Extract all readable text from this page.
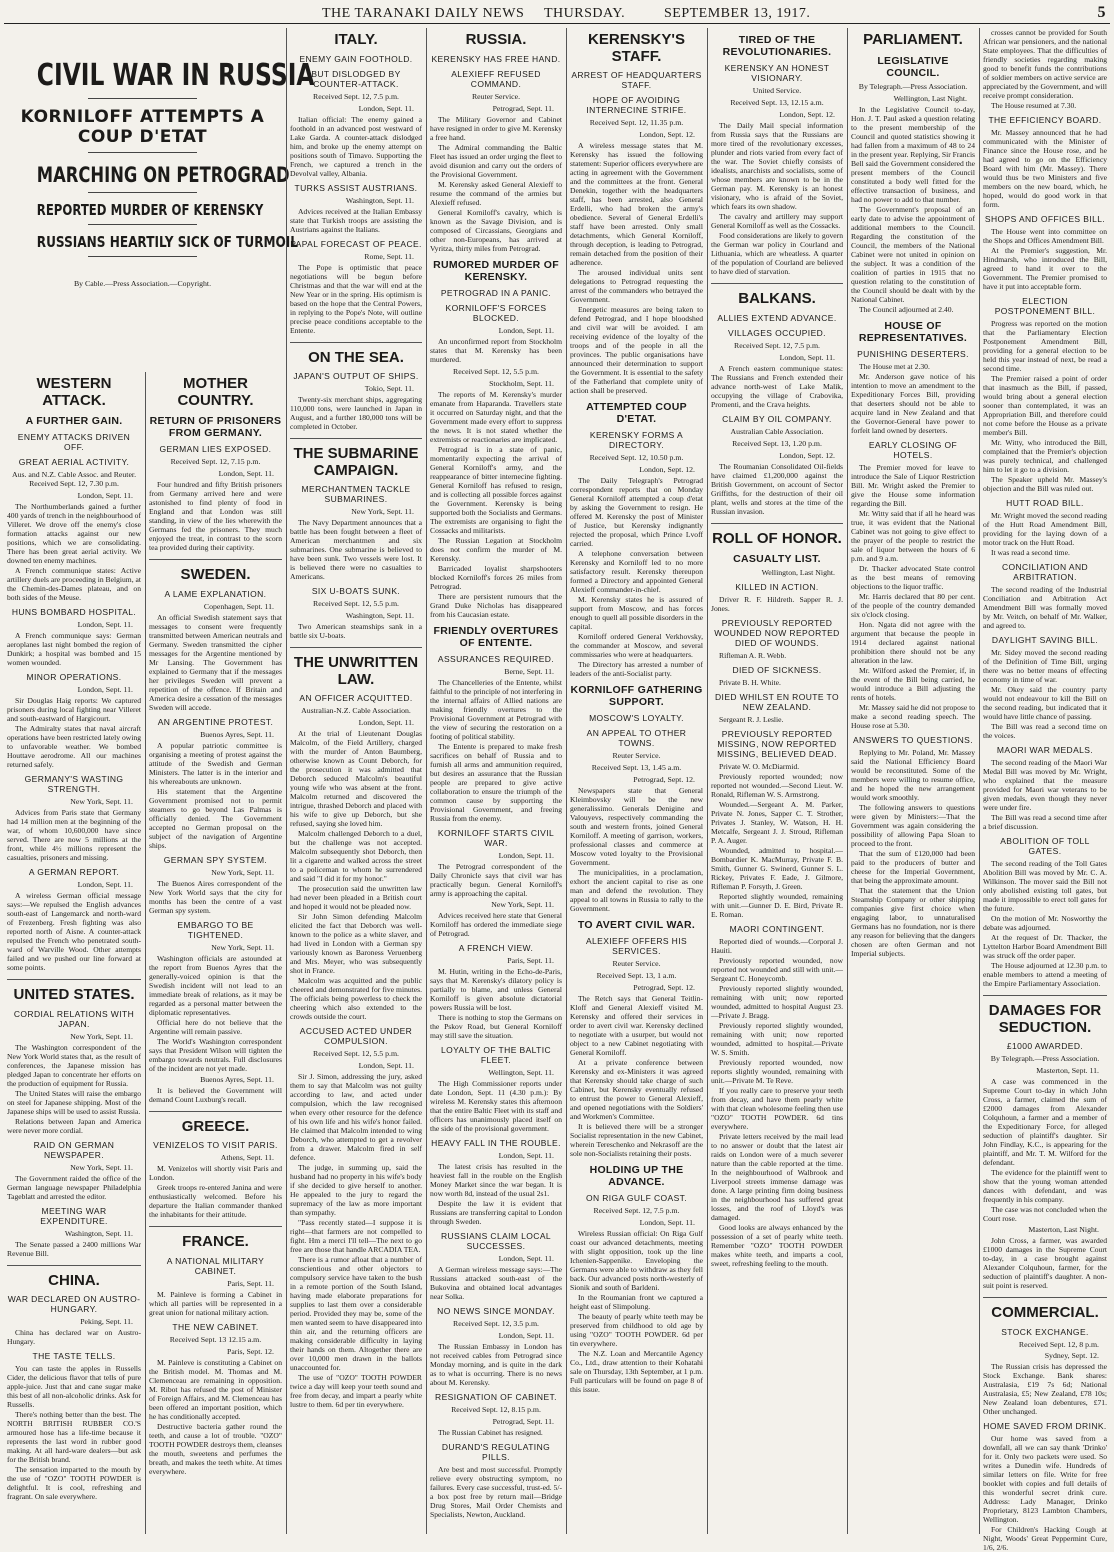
THE TARANAKI DAILY NEWS THURSDAY.	SEPTEMBER 13, 1917.	5
CIVIL WAR IN RUSSIA
KORNILOFF ATTEMPTS A COUP D'ETAT
MARCHING ON PETROGRAD
REPORTED MURDER OF KERENSKY
RUSSIANS HEARTILY SICK OF TURMOIL
By Cable.—Press Association.—Copyright.
WESTERN ATTACK.
A FURTHER GAIN.
ENEMY ATTACKS DRIVEN OFF.
GREAT AERIAL ACTIVITY.
Aus. and N.Z. Cable Assoc. and Reuter. Received Sept. 12, 7.30 p.m.
London, Sept. 11.
The Northumberlands gained a further 400 yards of trench in the neighbourhood of Villeret. We drove off the enemy's close formation attacks against our new positions, which we are consolidating. There has been great aerial activity. We downed ten enemy machines.
A French communique states: Active artillery duels are proceeding in Belgium, at the Chemin-des-Dames plateau, and on both sides of the Meuse.
HUNS BOMBARD HOSPITAL.
London, Sept. 11.
A French communique says: German aeroplanes last night bombed the region of Dunkirk; a hospital was bombed and 15 women wounded.
MINOR OPERATIONS.
London, Sept. 11.
Sir Douglas Haig reports: We captured prisoners during local fighting near Villeret and south-eastward of Hargicourt.
The Admiralty states that naval aircraft operations have been restricted lately owing to unfavorable weather. We bombed Houttave aerodrome. All our machines returned safely.
GERMANY'S WASTING STRENGTH.
New York, Sept. 11.
Advices from Paris state that Germany had 14 million men at the beginning of the war, of whom 10,600,000 have since served. There are now 5 millions at the front, while 4½ millions represent the casualties, prisoners and missing.
A GERMAN REPORT.
London, Sept. 11.
A wireless German official message says:—We repulsed the English advances south-east of Langemarck and north-ward of Frezenberg. Fresh fighting was also reported north of Aisne. A counter-attack repulsed the French who penetrated south-ward of Warville Wood. Other attempts failed and we pushed our line forward at some points.
UNITED STATES.
CORDIAL RELATIONS WITH JAPAN.
New York, Sept. 11.
The Washington correspondent of the New York World states that, as the result of conferences, the Japanese mission has pledged Japan to concentrate her efforts on the production of equipment for Russia.
The United States will raise the embargo on steel for Japanese shipping. Most of the Japanese ships will be used to assist Russia.
Relations between Japan and America were never more cordial.
RAID ON GERMAN NEWSPAPER.
New York, Sept. 11.
The Government raided the office of the German language newspaper Philadelphia Tageblatt and arrested the editor.
MEETING WAR EXPENDITURE.
Washington, Sept. 11.
The Senate passed a 2400 millions War Revenue Bill.
CHINA.
WAR DECLARED ON AUSTRO-HUNGARY.
Peking, Sept. 11.
China has declared war on Austro-Hungary.
THE TASTE TELLS.
You can taste the apples in Russells Cider, the delicious flavor that tells of pure apple-juice. Just that and cane sugar make this best of all non-alcoholic drinks. Ask for Russells.
There's nothing better than the best. The NORTH BRITISH RUBBER CO.'S armoured hose has a life-time because it represents the last word in rubber good making. At all hard-ware dealers—but ask for the British brand.
The sensation imparted to the mouth by the use of "OZO" TOOTH POWDER is delightful. It is cool, refreshing and fragrant. On sale everywhere.
MOTHER COUNTRY.
RETURN OF PRISONERS FROM GERMANY.
GERMAN LIES EXPOSED.
Received Sept. 12, 7.15 p.m.
London, Sept. 11.
Four hundred and fifty British prisoners from Germany arrived here and were astonished to find plenty of food in England and that London was still standing, in view of the lies wherewith the Germans fed the prisoners. They much enjoyed the treat, in contrast to the scorn tea provided during their captivity.
SWEDEN.
A LAME EXPLANATION.
Copenhagen, Sept. 11.
An official Swedish statement says that messages to consent were frequently transmitted between American neutrals and Germany. Sweden transmitted the cipher messages for the Argentine mentioned by Mr Lansing. The Government has explained to Germany that if the messages her privileges Sweden will prevent a repetition of the offence. If Britain and America desire a cessation of the messages Sweden will accede.
AN ARGENTINE PROTEST.
Buenos Ayres, Sept. 11.
A popular patriotic committee is organising a meeting of protest against the attitude of the Swedish and German Ministers. The latter is in the interior and his whereabouts are unknown.
His statement that the Argentine Government promised not to permit steamers to go beyond Las Palmas is officially denied. The Government accepted no German proposal on the subject of the navigation of Argentine ships.
GERMAN SPY SYSTEM.
New York, Sept. 11.
The Buenos Aires correspondent of the New York World says that the city for months has been the centre of a vast German spy system.
EMBARGO TO BE TIGHTENED.
New York, Sept. 11.
Washington officials are astounded at the report from Buenos Ayres that the generally-voiced opinion is that the Swedish incident will not lead to an immediate break of relations, as it may be regarded as a personal matter between the diplomatic representatives.
Official here do not believe that the Argentine will remain passive.
The World's Washington correspondent says that President Wilson will tighten the embargo towards neutrals. Full disclosures of the incident are not yet made.
Buenos Ayres, Sept. 11.
It is believed the Government will demand Count Luxburg's recall.
GREECE.
VENIZELOS TO VISIT PARIS.
Athens, Sept. 11.
M. Venizelos will shortly visit Paris and London.
Greek troops re-entered Janina and were enthusiastically welcomed. Before his departure the Italian commander thanked the inhabitants for their attitude.
FRANCE.
A NATIONAL MILITARY CABINET.
Paris, Sept. 11.
M. Painleve is forming a Cabinet in which all parties will be represented in a great union for national military action.
THE NEW CABINET.
Received Sept. 13 12.15 a.m.
Paris, Sept. 12.
M. Painleve is constituting a Cabinet on the British model. M. Thomas and M. Clemenceau are remaining in opposition. M. Ribot has refused the post of Minister of Foreign Affairs, and M. Clemenceau has been offered an important position, which he has conditionally accepted.
Destructive bacteria gather round the teeth, and cause a lot of trouble. "OZO" TOOTH POWDER destroys them, cleanses the mouth, sweetens and perfumes the breath, and makes the teeth white. At times everywhere.
ITALY.
ENEMY GAIN FOOTHOLD.
BUT DISLODGED BY COUNTER-ATTACK.
Received Sept. 12, 7.5 p.m.
London, Sept. 11.
Italian official: The enemy gained a foothold in an advanced post westward of Lake Garda. A counter-attack dislodged him, and broke up the enemy attempt on positions south of Timavo. Supporting the French, we captured a trench in the Devolval valley, Albania.
TURKS ASSIST AUSTRIANS.
Washington, Sept. 11.
Advices received at the Italian Embassy state that Turkish troops are assisting the Austrians against the Italians.
PAPAL FORECAST OF PEACE.
Rome, Sept. 11.
The Pope is optimistic that peace negotiations will be begun before Christmas and that the war will end at the New Year or in the spring. His optimism is based on the hope that the Central Powers, in replying to the Pope's Note, will outline precise peace conditions acceptable to the Entente.
ON THE SEA.
JAPAN'S OUTPUT OF SHIPS.
Tokio, Sept. 11.
Twenty-six merchant ships, aggregating 110,000 tons, were launched in Japan in August, and a further 180,000 tons will be completed in October.
THE SUBMARINE CAMPAIGN.
MERCHANTMEN TACKLE SUBMARINES.
New York, Sept. 11.
The Navy Department announces that a battle has been fought between a fleet of American merchantmen and six submarines. One submarine is believed to have been sunk. Two vessels were lost. It is believed there were no casualties to Americans.
SIX U-BOATS SUNK.
Received Sept. 12, 5.5 p.m.
Washington, Sept. 11.
Two American steamships sank in a battle six U-boats.
THE UNWRITTEN LAW.
AN OFFICER ACQUITTED.
Australian-N.Z. Cable Association.
London, Sept. 11.
At the trial of Lieutenant Douglas Malcolm, of the Field Artillery, charged with the murder of Anton Baumberg, otherwise known as Count Deborch, for the prosecution it was admitted that Deborch seduced Malcolm's beautiful young wife who was absent at the front. Malcolm returned and discovered the intrigue, thrashed Deborch and placed with his wife to give up Deborch, but she refused, saying she loved him.
Malcolm challenged Deborch to a duel, but the challenge was not accepted. Malcolm subsequently shot Deborch, then lit a cigarette and walked across the street to a policeman to whom he surrendered and said "I did it for my honor."
The prosecution said the unwritten law had never been pleaded in a British court and hoped it would not be pleaded now.
Sir John Simon defending Malcolm elicited the fact that Deborch was well-known to the police as a white slaver, and had lived in London with a German spy variously known as Baroness Veruenberg and Mrs. Meyer, who was subsequently shot in France.
Malcolm was acquitted and the public cheered and demonstrated for five minutes. The officials being powerless to check the cheering which also extended to the crowds outside the court.
ACCUSED ACTED UNDER COMPULSION.
Received Sept. 12, 5.5 p.m.
London, Sept. 11.
Sir J. Simon, addressing the jury, asked them to say that Malcolm was not guilty according to law, and acted under compulsion, which the law recognised when every other resource for the defence of his own life and his wife's honor failed. He claimed that Malcolm intended to wing Deborch, who attempted to get a revolver from a drawer. Malcolm fired in self defence.
The judge, in summing up, said the husband had no property in his wife's body if she decided to give herself to another. He appealed to the jury to regard the supremacy of the law as more important than sympathy.
"Pass recently stated—I suppose it is right—that farmers are not compelled to fight. Hm a merci I'll tell—The next to go free are those that handle ARCADIA TEA.
There is a rumor afloat that a number of conscientious and other objectors to compulsory service have taken to the bush in a remote portion of the South Island, having made elaborate preparations for supplies to last them over a considerable period. Provided they may be, some of the men wanted seem to have disappeared into thin air, and the returning officers are making considerable difficulty in laying their hands on them. Altogether there are over 10,000 men drawn in the ballots unaccounted for.
The use of "OZO" TOOTH POWDER twice a day will keep your teeth sound and free from decay, and impart a pearly white lustre to them. 6d per tin everywhere.
RUSSIA.
KERENSKY HAS FREE HAND.
ALEXIEFF REFUSED COMMAND.
Reuter Service.
Petrograd, Sept. 11.
The Military Governor and Cabinet have resigned in order to give M. Kerensky a free hand.
The Admiral commanding the Baltic Fleet has issued an order urging the fleet to avoid disunion and carry out the orders of the Provisional Government.
M. Kerensky asked General Alexieff to resume the command of the armies but Alexieff refused.
General Korniloff's cavalry, which is known as the Savage Division, and is composed of Circassians, Georgians and other non-Europeans, has arrived at Vyritza, thirty miles from Petrograd.
RUMORED MURDER OF KERENSKY.
PETROGRAD IN A PANIC.
KORNILOFF'S FORCES BLOCKED.
London, Sept. 11.
An unconfirmed report from Stockholm states that M. Kerensky has been murdered.
Received Sept. 12, 5.5 p.m.
Stockholm, Sept. 11.
The reports of M. Kerensky's murder emanate from Haparanda. Travellers state it occurred on Saturday night, and that the Government made every effort to suppress the news. It is not stated whether the extremists or reactionaries are implicated.
Petrograd is in a state of panic, momentarily expecting the arrival of General Korniloff's army, and the reappearance of bitter internecine fighting. General Korniloff has refused to resign, and is collecting all possible forces against the Government. Kerensky is being supported both the Socialists and Germans. The extremists are organising to fight the Cossacks and militarists.
The Russian Legation at Stockholm does not confirm the murder of M. Kerensky.
Barricaded loyalist sharpshooters blocked Korniloff's forces 26 miles from Petrograd.
There are persistent rumours that the Grand Duke Nicholas has disappeared from his Caucasian estate.
FRIENDLY OVERTURES OF ENTENTE.
ASSURANCES REQUIRED.
Berne, Sept. 11.
The Chancelleries of the Entente, whilst faithful to the principle of not interfering in the internal affairs of Allied nations are making friendly overtures to the Provisional Government at Petrograd with the view of securing the restoration on a footing of political stability.
The Entente is prepared to make fresh sacrifices on behalf of Russia and to furnish all arms and ammunition required, but desires an assurance that the Russian people are prepared to give active collaboration to ensure the triumph of the common cause by supporting the Provisional Government, and freeing Russia from the enemy.
KORNILOFF STARTS CIVIL WAR.
London, Sept. 11.
The Petrograd correspondent of the Daily Chronicle says that civil war has practically begun. General Korniloff's army is approaching the capital.
New York, Sept. 11.
Advices received here state that General Korniloff has ordered the immediate siege of Petrograd.
A FRENCH VIEW.
Paris, Sept. 11.
M. Hutin, writing in the Echo-de-Paris, says that M. Kerensky's dilatory policy is partially to blame, and unless General Korniloff is given absolute dictatorial powers Russia will be lost.
There is nothing to stop the Germans on the Pskov Road, but General Korniloff may still save the situation.
LOYALTY OF THE BALTIC FLEET.
Wellington, Sept. 11.
The High Commissioner reports under date London, Sept. 11 (4.30 p.m.): By wireless M. Kerensky states this afternoon that the entire Baltic Fleet with its staff and officers has unanimously placed itself on the side of the provisional government.
HEAVY FALL IN THE ROUBLE.
London, Sept. 11.
The latest crisis has resulted in the heaviest fall in the rouble on the English Money Market since the war began. It is now worth 8d, instead of the usual 2s1.
Despite the law it is evident that Russians are transferring capital to London through Sweden.
RUSSIANS CLAIM LOCAL SUCCESSES.
London, Sept. 11.
A German wireless message says:—The Russians attacked south-east of the Bukovina and obtained local advantages near Solka.
NO NEWS SINCE MONDAY.
Received Sept. 12, 3.5 p.m.
London, Sept. 11.
The Russian Embassy in London has not received cables from Petrograd since Monday morning, and is quite in the dark as to what is occurring. There is no news about M. Kerensky.
RESIGNATION OF CABINET.
Received Sept. 12, 8.15 p.m.
Petrograd, Sept. 11.
The Russian Cabinet has resigned.
DURAND'S REGULATING PILLS.
Are best and most successful. Promptly relieve every obstructing symptom, no failures. Every case successful, trust-ed. 5/- a box post free by return mail—Bridge Drug Stores, Mail Order Chemists and Specialists, Newton, Auckland.
KERENSKY'S STAFF.
ARREST OF HEADQUARTERS STAFF.
HOPE OF AVOIDING INTERNECINE STRIFE.
Received Sept. 12, 11.35 p.m.
London, Sept. 12.
A wireless message states that M. Kerensky has issued the following statement: Superior officers everywhere are acting in agreement with the Government and the committees at the front. General Denekin, together with the headquarters staff, has been arrested, also General Erdelli, who had broken the army's obedience. Several of General Erdelli's staff have been arrested. Only small detachments, which General Korniloff, through deception, is leading to Petrograd, remain detached from the position of their adherence.
The aroused individual units sent delegations to Petrograd requesting the arrest of the commanders who betrayed the Government.
Energetic measures are being taken to defend Petrograd, and I hope bloodshed and civil war will be avoided. I am receiving evidence of the loyalty of the troops and of the people in all the provinces. The public organisations have announced their determination to support the Government. It is essential to the safety of the Fatherland that complete unity of action shall be preserved.
ATTEMPTED COUP D'ETAT.
KERENSKY FORMS A DIRECTORY.
Received Sept. 12, 10.50 p.m.
London, Sept. 12.
The Daily Telegraph's Petrograd correspondent reports that on Monday General Korniloff attempted a coup d'etat by asking the Government to resign. He offered M. Kerensky the post of Minister of Justice, but Kerensky indignantly rejected the proposal, which Prince Lvoff carried.
A telephone conversation between Kerensky and Korniloff led to no more satisfactory result. Kerensky thereupon formed a Directory and appointed General Alexieff commander-in-chief.
M. Kerensky states he is assured of support from Moscow, and has forces enough to quell all possible disorders in the capital.
Korniloff ordered General Verkhovsky, the commander at Moscow, and several commissaries who were at headquarters.
The Directory has arrested a number of leaders of the anti-Socialist party.
KORNILOFF GATHERING SUPPORT.
MOSCOW'S LOYALTY.
AN APPEAL TO OTHER TOWNS.
Reuter Service.
Received Sept. 13, 1.45 a.m.
Petrograd, Sept. 12.
Newspapers state that General Kleimbovsky will be the new generalissimo. Generals Denigine and Valouyevs, respectively commanding the south and western fronts, joined General Korniloff. A meeting of garrison, workers, professional classes and commerce at Moscow voted loyalty to the Provisional Government.
The municipalities, in a proclamation, exhort the ancient capital to rise as one man and defend the revolution. They appeal to all towns in Russia to rally to the Government.
TO AVERT CIVIL WAR.
ALEXIEFF OFFERS HIS SERVICES.
Reuter Service.
Received Sept. 13, 1 a.m.
Petrograd, Sept. 12.
The Retch says that General Teitlin-Kloff and General Alexieff visited M. Kerensky and offered their services in order to avert civil war. Kerensky declined to negotiate with a usurper, but would not object to a new Cabinet negotiating with General Korniloff.
At a private conference between Kerensky and ex-Ministers it was agreed that Kerensky should take charge of such Cabinet, but Kerensky eventually refused to entrust the power to General Alexieff, and opened negotiations with the Soldiers' and Workmen's Committee.
It is believed there will be a stronger Socialist representation in the new Cabinet, wherein Tereschenko and Nekrasoff are the sole non-Socialists retaining their posts.
HOLDING UP THE ADVANCE.
ON RIGA GULF COAST.
Received Sept. 12, 7.5 p.m.
London, Sept. 11.
Wireless Russian official: On Riga Gulf coast our advanced detachments, meeting with slight opposition, took up the line Ichenien-Sappenike. Enveloping the Germans were able to withdraw as they fell back. Our advanced posts north-westerly of Sionik and south of Barldeni.
In the Roumanian front we captured a height east of Slimpolung.
The beauty of pearly white teeth may be preserved from childhood to old age by using "OZO" TOOTH POWDER. 6d per tin everywhere.
The N.Z. Loan and Mercantile Agency Co., Ltd., draw attention to their Kohatahi sale on Thursday, 13th September, at 1 p.m. Full particulars will be found on page 8 of this issue.
TIRED OF THE REVOLUTIONARIES.
KERENSKY AN HONEST VISIONARY.
United Service.
Received Sept. 13, 12.15 a.m.
London, Sept. 12.
The Daily Mail special information from Russia says that the Russians are more tired of the revolutionary excesses, plunder and riots varied from every fact of the war. The Soviet chiefly consists of idealists, anarchists and socialists, some of whose members are known to be in the German pay. M. Kerensky is an honest visionary, who is afraid of the Soviet, which fears its own shadow.
The cavalry and artillery may support General Korniloff as well as the Cossacks.
Food considerations are likely to govern the German war policy in Courland and Lithuania, which are wheatless. A quarter of the population of Courland are believed to have died of starvation.
BALKANS.
ALLIES EXTEND ADVANCE.
VILLAGES OCCUPIED.
Received Sept. 12, 7.5 p.m.
London, Sept. 11.
A French eastern communique states: The Russians and French extended their advance north-west of Lake Malik, occupying the village of Crabovika, Promenti, and the Crava heights.
CLAIM BY OIL COMPANY.
Australian Cable Association.
Received Sept. 13, 1.20 p.m.
London, Sept. 12.
The Roumanian Consolidated Oil-fields have claimed £1,200,000 against the British Government, on account of Sector Griffiths, for the destruction of their oil plant, wells and stores at the time of the Russian invasion.
ROLL OF HONOR.
CASUALTY LIST.
Wellington, Last Night.
KILLED IN ACTION.
Driver R. F. Hildreth. Sapper R. J. Jones.
PREVIOUSLY REPORTED WOUNDED NOW REPORTED DIED OF WOUNDS.
Rifleman A. R. Webb.
DIED OF SICKNESS.
Private B. H. White.
DIED WHILST EN ROUTE TO NEW ZEALAND.
Sergeant R. J. Leslie.
PREVIOUSLY REPORTED MISSING, NOW REPORTED MISSING, BELIEVED DEAD.
Private W. O. McDiarmid.
Previously reported wounded; now reported not wounded.—Second Lieut. W. Ronald, Rifleman W. S. Armstrong.
Wounded.—Sergeant A. M. Parker, Private N. Jones, Sapper C. T. Strother, Privates J. Stanley, W. Watson, H. H. Metcalfe, Sergeant J. J. Stroud, Rifleman P. A. Auger.
Wounded, admitted to hospital.—Bombardier K. MacMurray, Private F. B. Smith, Gunner G. Swinerd, Gunner S. L. Rickey, Privates F. Eade, J. Gilmore, Rifleman P. Forsyth, J. Green.
Reported slightly wounded, remaining with unit.—Gunner D. E. Bird, Private R. E. Roman.
MAORI CONTINGENT.
Reported died of wounds.—Corporal J. Hauiti.
Previously reported wounded, now reported not wounded and still with unit.—Sergeant C. Honeycomb.
Previously reported slightly wounded, remaining with unit; now reported wounded, admitted to hospital August 23.—Private J. Bragg.
Previously reported slightly wounded, remaining with unit; now reported wounded, admitted to hospital.—Private W. S. Smith.
Previously reported wounded, now reports slightly wounded, remaining with unit.—Private M. Te Reve.
If you really care to preserve your teeth from decay, and have them pearly white with that clean wholesome feeling then use "OZO" TOOTH POWDER. 6d tins everywhere.
Private letters received by the mail lead to no answer or doubt that the latest air raids on London were of a much severer nature than the cable reported at the time. In the neighbourhood of Walbrook and Liverpool streets immense damage was done. A large printing firm doing business in the neighbourhood has suffered great losses, and the roof of Lloyd's was damaged.
Good looks are always enhanced by the possession of a set of pearly white teeth. Remember "OZO" TOOTH POWDER makes white teeth, and imparts a cool, sweet, refreshing feeling to the mouth.
PARLIAMENT.
LEGISLATIVE COUNCIL.
By Telegraph.—Press Association.
Wellington, Last Night.
In the Legislative Council to-day, Hon. J. T. Paul asked a question relating to the present membership of the Council and quoted statistics showing it had fallen from a maximum of 48 to 24 in the present year. Replying, Sir Francis Bell said the Government considered the present members of the Council constituted a body well fitted for the effective transaction of business, and had no power to add to that number.
The Government's proposal of an early date to advise the appointment of additional members to the Council. Regarding the constitution of the Council, the members of the National Cabinet were not united in opinion on the subject. It was a condition of the coalition of parties in 1915 that no question relating to the constitution of the Council should be dealt with by the National Cabinet.
The Council adjourned at 2.40.
HOUSE OF REPRESENTATIVES.
PUNISHING DESERTERS.
The House met at 2.30.
Mr. Anderson gave notice of his intention to move an amendment to the Expeditionary Forces Bill, providing that deserters should not be able to acquire land in New Zealand and that the Governor-General have power to forfeit land owned by deserters.
EARLY CLOSING OF HOTELS.
The Premier moved for leave to introduce the Sale of Liquor Restriction Bill. Mr. Wright asked the Premier to give the House some information regarding the Bill.
Mr. Witty said that if all he heard was true, it was evident that the National Cabinet was not going to give effect to the prayer of the people to restrict the sale of liquor between the hours of 6 p.m. and 9 a.m.
Dr. Thacker advocated State control as the best means of removing objections to the liquor traffic.
Mr. Harris declared that 80 per cent. of the people of the country demanded six o'clock closing.
Hon. Ngata did not agree with the argument that because the people in 1914 declared against national prohibition there should not be any alteration in the law.
Mr. Wilford asked the Premier, if, in the event of the Bill being carried, he would introduce a Bill adjusting the rents of hotels.
Mr. Massey said he did not propose to make a second reading speech. The House rose at 5.30.
ANSWERS TO QUESTIONS.
Replying to Mr. Poland, Mr. Massey said the National Efficiency Board would be reconstituted. Some of the members were willing to resume office, and he hoped the new arrangement would work smoothly.
The following answers to questions were given by Ministers:—That the Government was again considering the possibility of allowing Papa Sloan to proceed to the front.
That the sum of £120,000 had been paid to the producers of butter and cheese for the Imperial Government, that being the approximate amount.
That the statement that the Union Steamship Company or other shipping companies give first choice when engaging labor, to unnaturalised Germans has no foundation, nor is there any reason for believing that the dangers chosen are often German and not Imperial subjects.
crosses cannot be provided for South African war pensioners, and the national State employees. That the difficulties of friendly societies regarding making good to benefit funds the contributions of soldier members on active service are appreciated by the Government, and will receive prompt consideration.
The House resumed at 7.30.
THE EFFICIENCY BOARD.
Mr. Massey announced that he had communicated with the Minister of Finance since the House rose, and he had agreed to go on the Efficiency Board with him (Mr. Massey). There would thus be two Ministers and five members on the new board, which, he hoped, would do good work in that form.
SHOPS AND OFFICES BILL.
The House went into committee on the Shops and Offices Amendment Bill.
At the Premier's suggestion, Mr. Hindmarsh, who introduced the Bill, agreed to hand it over to the Government. The Premier promised to have it put into acceptable form.
ELECTION POSTPONEMENT BILL.
Progress was reported on the motion that the Parliamentary Election Postponement Amendment Bill, providing for a general election to be held this year instead of next, be read a second time.
The Premier raised a point of order that inasmuch as the Bill, if passed, would bring about a general election sooner than contemplated, it was an Appropriation Bill, and therefore could not come before the House as a private member's Bill.
Mr. Witty, who introduced the Bill, complained that the Premier's objection was purely technical, and challenged him to let it go to a division.
The Speaker upheld Mr. Massey's objection and the Bill was ruled out.
HUTT ROAD BILL.
Mr. Wright moved the second reading of the Hutt Road Amendment Bill, providing for the laying down of a motor track on the Hutt Road.
It was read a second time.
CONCILIATION AND ARBITRATION.
The second reading of the Industrial Conciliation and Arbitration Act Amendment Bill was formally moved by Mr. Veitch, on behalf of Mr. Walker, and agreed to.
DAYLIGHT SAVING BILL.
Mr. Sidey moved the second reading of the Definition of Time Bill, urging there was no better means of effecting economy in time of war.
Mr. Okey said the country party would not endeavour to kill the Bill on the second reading, but indicated that it would have little chance of passing.
The Bill was read a second time on the voices.
MAORI WAR MEDALS.
The second reading of the Maori War Medal Bill was moved by Mr. Wright, who explained that the measure provided for Maori war veterans to be given medals, even though they never were under fire.
The Bill was read a second time after a brief discussion.
ABOLITION OF TOLL GATES.
The second reading of the Toll Gates Abolition Bill was moved by Mr. C. A. Wilkinson. The mover said the Bill not only abolished existing toll gates, but made it impossible to erect toll gates for the future.
On the motion of Mr. Nosworthy the debate was adjourned.
At the request of Dr. Thacker, the Lyttelton Harbor Board Amendment Bill was struck off the order paper.
The House adjourned at 12.30 p.m. to enable members to attend a meeting of the Empire Parliamentary Association.
DAMAGES FOR SEDUCTION.
£1000 AWARDED.
By Telegraph.—Press Association.
Masterton, Sept. 11.
A case was commenced in the Supreme Court to-day in which John Cross, a farmer, claimed the sum of £2000 damages from Alexander Colquhoun, a farmer and a member of the Expeditionary Force, for alleged seduction of plaintiff's daughter. Sir John Findlay, K.C., is appearing for the plaintiff, and Mr. T. M. Wilford for the defendant.
The evidence for the plaintiff went to show that the young woman attended dances with defendant, and was frequently in his company.
The case was not concluded when the Court rose.
Masterton, Last Night.
John Cross, a farmer, was awarded £1000 damages in the Supreme Court to-day, in a case brought against Alexander Colquhoun, farmer, for the seduction of plaintiff's daughter. A non-suit point is reserved.
COMMERCIAL.
STOCK EXCHANGE.
Received Sept. 12, 8 p.m.
Sydney, Sept. 12.
The Russian crisis has depressed the Stock Exchange. Bank shares: Australasia, £19 7s 6d; National Australasia, £5; New Zealand, £78 10s; New Zealand loan debentures, £71. Other unchanged.
HOME SAVED FROM DRINK.
Our home was saved from a downfall, all we can say thank 'Drinko' for it. Only two packets were used. So writes a Dunedin wife. Hundreds of similar letters on file. Write for free booklet with copies and full details of this wonderful secret drink cure. Address: Lady Manager, Drinko Proprietary, 8123 Lambton Chambers, Wellington.
For Children's Hacking Cough at Night, Woods' Great Peppermint Cure, 1/6, 2/6.
